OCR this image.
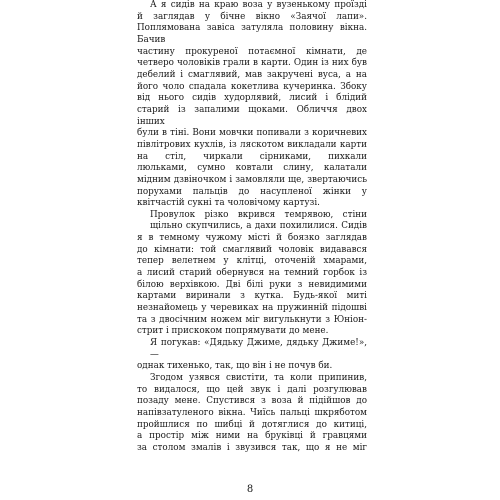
А я сидів на краю воза у вузенькому проїзді
й заглядав у бічне вікно «Заячої лапи». Поплямована завіса затуляла половину вікна. Бачив
частину прокуреної потаємної кімнати, де четверо чоловіків грали в карти. Один із них був
дебелий і смаглявий, мав закручені вуса, а на
його чоло спадала кокетлива кучеринка. Збоку
від нього сидів худорлявий, лисий і блідий старий із запалими щоками. Обличчя двох інших
були в тіні. Вони мовчки попивали з коричневих півлітрових кухлів, із ляскотом викладали карти на стіл, чиркали сірниками, пихкали
люльками, сумно ковтали слину, калатали мідним дзвіночком і замовляли ще, звертаючись
порухами пальців до насупленої жінки у квітчастій сукні та чоловічому картузі.
Провулок різко вкрився темрявою, стіни щільно скупчились, а дахи похилилися. Сидів
я в темному чужому місті й боязко заглядав
до кімнати: той смаглявий чоловік видавався тепер велетнем у клітці, оточеній хмарами,
а лисий старий обернувся на темний горбок із
білою верхівкою. Дві білі руки з невидимими
картами виринали з кутка. Будь-якої миті незнайомець у черевиках на пружинній підошві
та з двосічним ножем міг вигулькнути з Юніон-стрит і прискоком попрямувати до мене.
Я погукав: «Дядьку Джиме, дядьку Джиме!», —
однак тихенько, так, що він і не почув би.
Згодом узявся свистіти, та коли припинив,
то видалося, що цей звук і далі розгулював позаду мене. Спустився з воза й підійшов до напівзатуленого вікна. Чиїсь пальці шкряботом
пройшлися по шибці й дотяглися до китиці,
а простір між ними на бруківці й гравцями
за столом змалів і звузився так, що я не міг
8
